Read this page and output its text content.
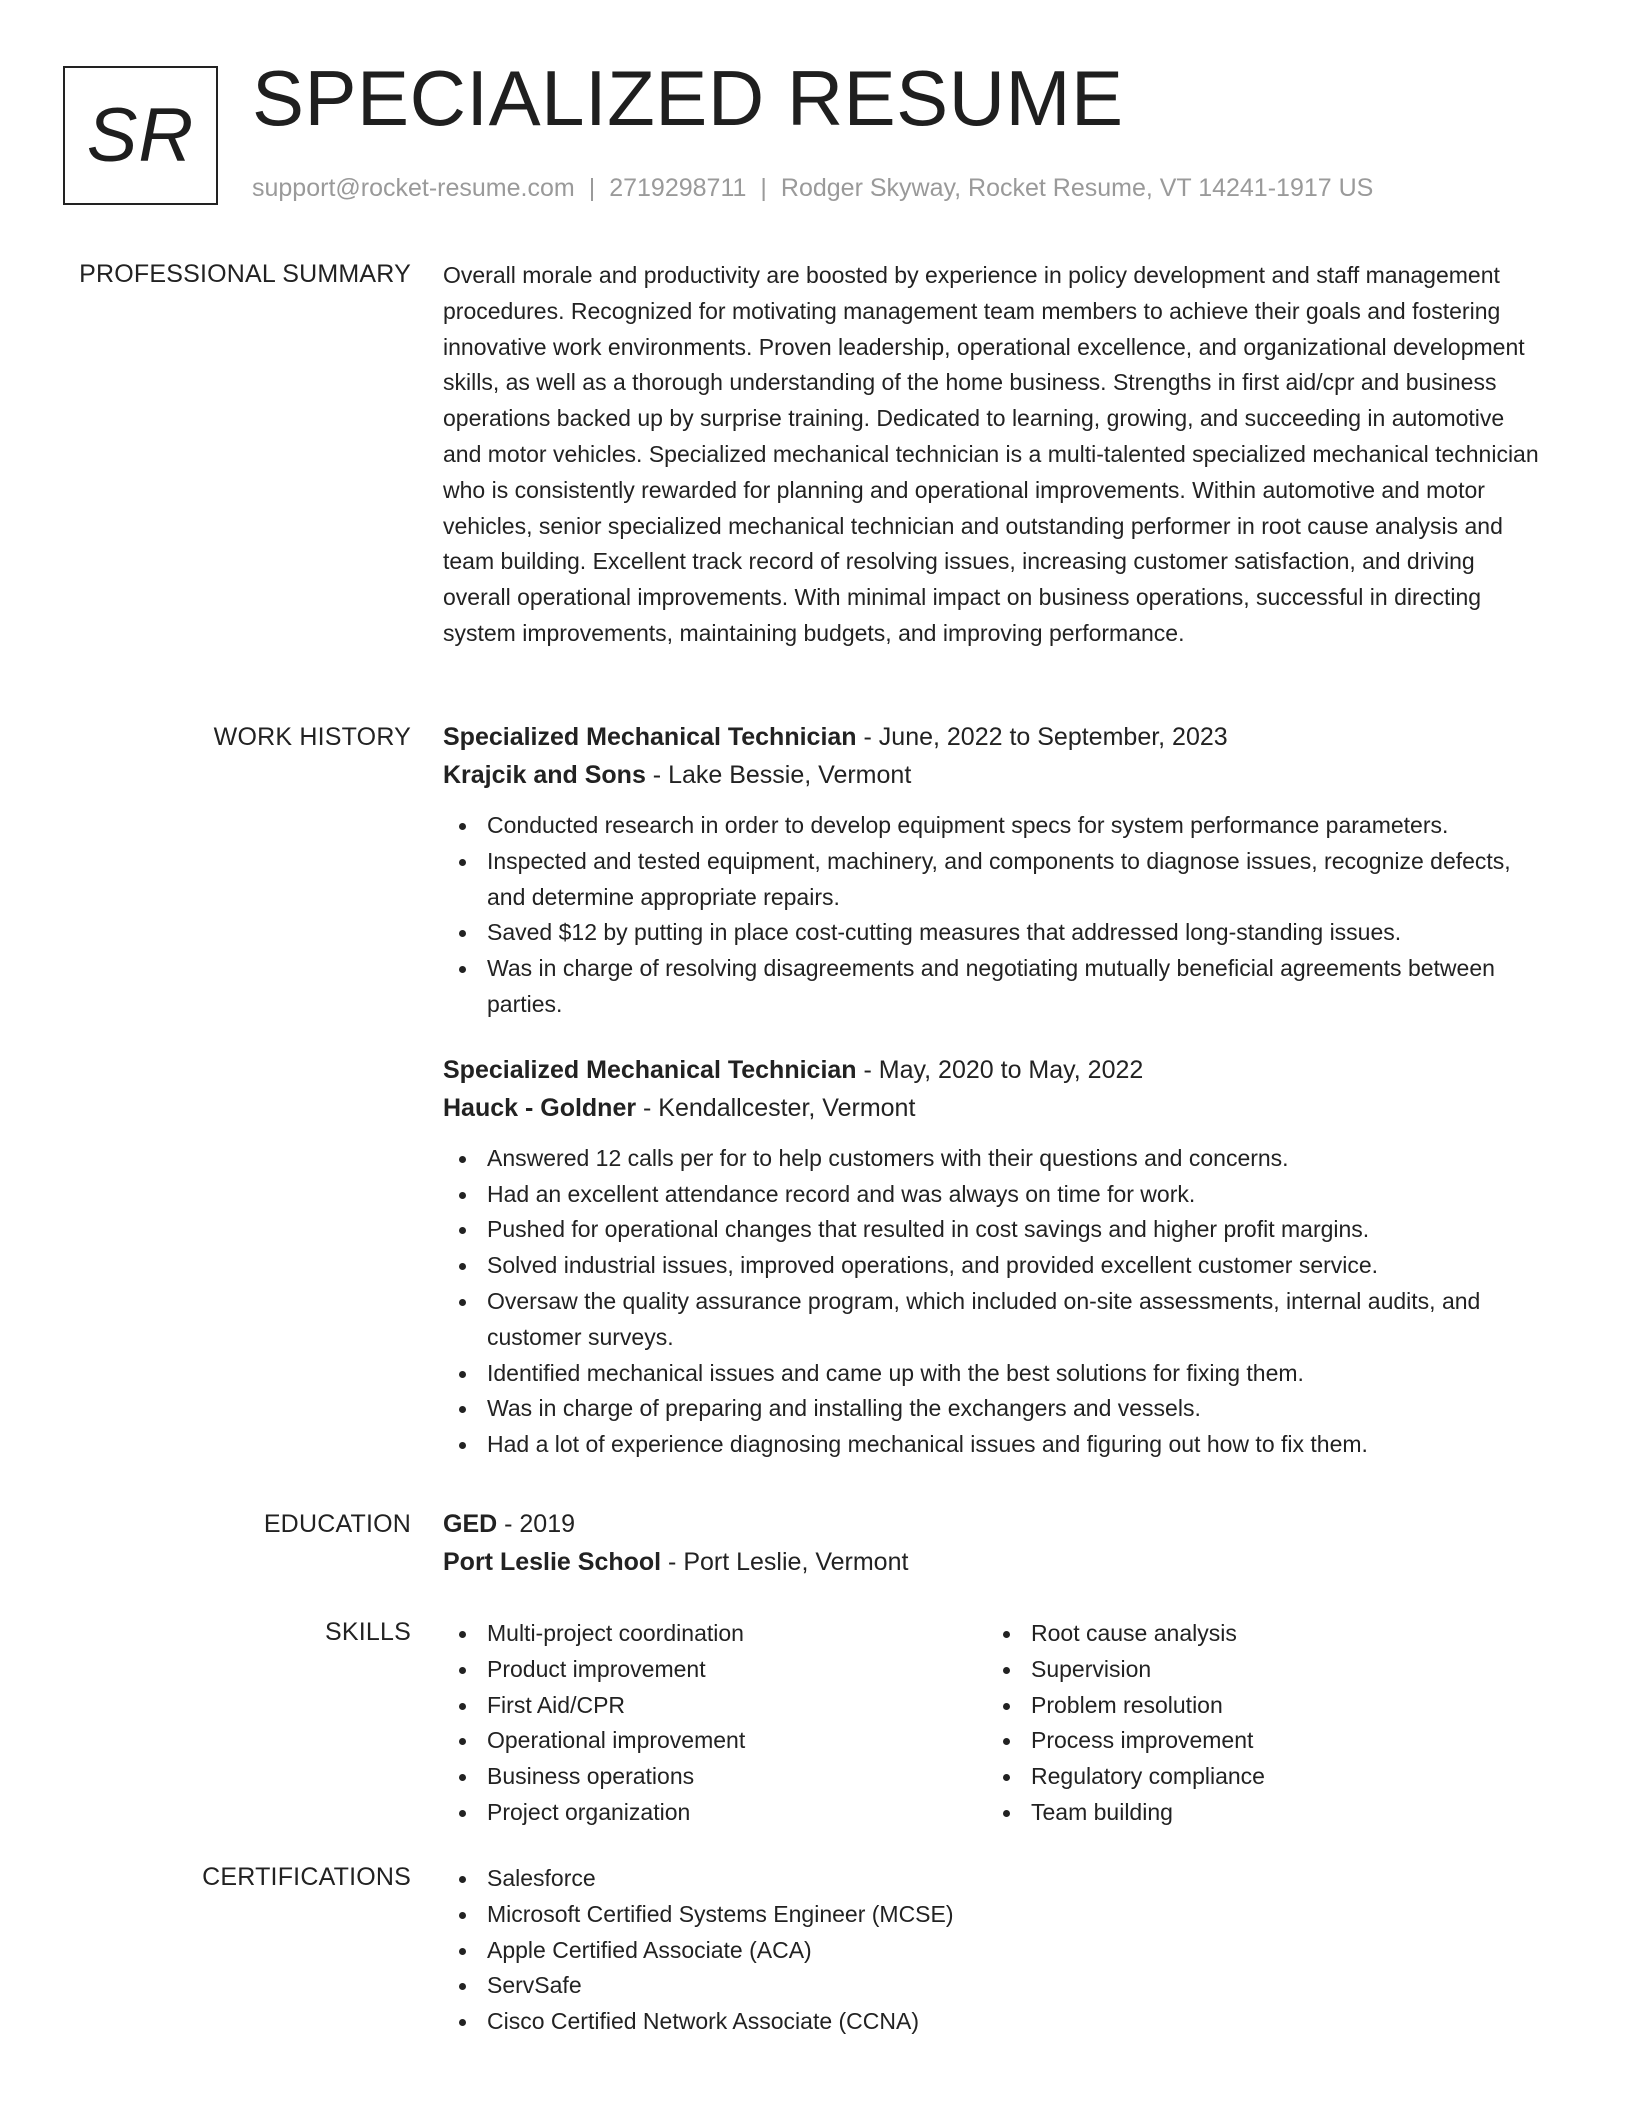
SR SPECIALIZED RESUME
support@rocket-resume.com | 2719298711 | Rodger Skyway, Rocket Resume, VT 14241-1917 US
PROFESSIONAL SUMMARY Overall morale and productivity are boosted by experience in policy development and staff management procedures. Recognized for motivating management team members to achieve their goals and fostering innovative work environments. Proven leadership, operational excellence, and organizational development skills, as well as a thorough understanding of the home business. Strengths in first aid/cpr and business operations backed up by surprise training. Dedicated to learning, growing, and succeeding in automotive and motor vehicles. Specialized mechanical technician is a multi-talented specialized mechanical technician who is consistently rewarded for planning and operational improvements. Within automotive and motor vehicles, senior specialized mechanical technician and outstanding performer in root cause analysis and team building. Excellent track record of resolving issues, increasing customer satisfaction, and driving overall operational improvements. With minimal impact on business operations, successful in directing system improvements, maintaining budgets, and improving performance.

WORK HISTORY Specialized Mechanical Technician - June, 2022 to September, 2023
Krajcik and Sons - Lake Bessie, Vermont
Conducted research in order to develop equipment specs for system performance parameters.
Inspected and tested equipment, machinery, and components to diagnose issues, recognize defects, and determine appropriate repairs.
Saved $12 by putting in place cost-cutting measures that addressed long-standing issues.
Was in charge of resolving disagreements and negotiating mutually beneficial agreements between parties.
Specialized Mechanical Technician - May, 2020 to May, 2022
Hauck - Goldner - Kendallcester, Vermont
Answered 12 calls per for to help customers with their questions and concerns.
Had an excellent attendance record and was always on time for work.
Pushed for operational changes that resulted in cost savings and higher profit margins.
Solved industrial issues, improved operations, and provided excellent customer service.
Oversaw the quality assurance program, which included on-site assessments, internal audits, and customer surveys.
Identified mechanical issues and came up with the best solutions for fixing them.
Was in charge of preparing and installing the exchangers and vessels.
Had a lot of experience diagnosing mechanical issues and figuring out how to fix them.
EDUCATION GED - 2019
Port Leslie School - Port Leslie, Vermont
SKILLS	Multi-project coordination
Product improvement
First Aid/CPR
Operational improvement
Business operations
Project organization
Root cause analysis
Supervision
Problem resolution
Process improvement
Regulatory compliance
Team building
CERTIFICATIONS	Salesforce
Microsoft Certified Systems Engineer (MCSE)
Apple Certified Associate (ACA)
ServSafe
Cisco Certified Network Associate (CCNA)
